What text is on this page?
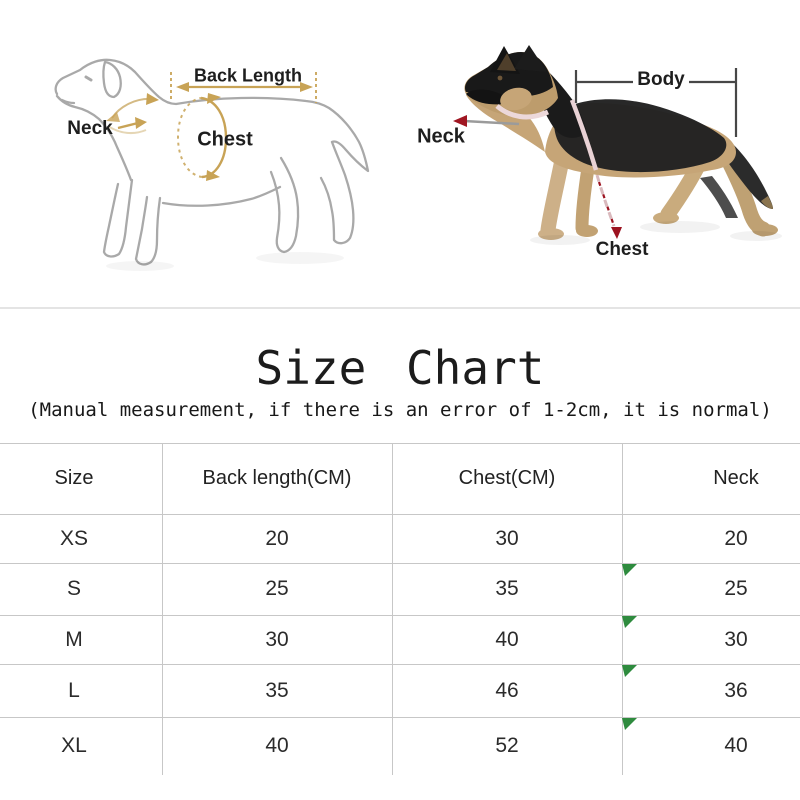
Back Length
Neck	Chest
Body
Neck
Chest
Size Chart
(Manual measurement, if there is an error of 1-2cm, it is normal)
Size	Back length(CM)	Chest(CM)	Neck
XS	20	30	20
S	25	35	25
M	30	40	30
L	35	46	36
XL	40	52	40
